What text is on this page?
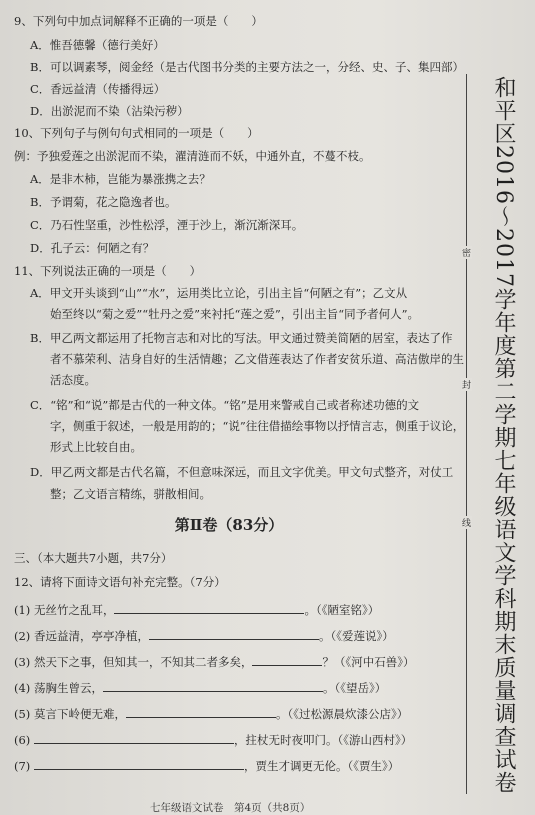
9、下列句中加点词解释不正确的一项是（　　）
A．惟吾德馨（德行美好）
B．可以调素琴，阅金经（是古代图书分类的主要方法之一，分经、史、子、集四部）
C．香远益清（传播得远）
D．出淤泥而不染（沾染污秽）
10、下列句子与例句句式相同的一项是（　　）
例：予独爱莲之出淤泥而不染，濯清涟而不妖，中通外直，不蔓不枝。
A．是非木柿，岂能为暴涨携之去？
B．予谓菊，花之隐逸者也。
C．乃石性坚重，沙性松浮，湮于沙上，渐沉渐深耳。
D．孔子云：何陋之有？
11、下列说法正确的一项是（　　）
A．甲文开头谈到“山”“水”，运用类比立论，引出主旨“何陋之有”；乙文从
始至终以“菊之爱”“牡丹之爱”来衬托“莲之爱”，引出主旨“同予者何人”。
B．甲乙两文都运用了托物言志和对比的写法。甲文通过赞美简陋的居室，表达了作
者不慕荣利、洁身自好的生活情趣；乙文借莲表达了作者安贫乐道、高洁傲岸的生
活态度。
C．“铭”和“说”都是古代的一种文体。“铭”是用来警戒自己或者称述功德的文
字，侧重于叙述，一般是用韵的；“说”往往借描绘事物以抒情言志，侧重于议论，
形式上比较自由。
D．甲乙两文都是古代名篇，不但意味深远，而且文字优美。甲文句式整齐，对仗工
整；乙文语言精练，骈散相间。
第Ⅱ卷（83分）
三、（本大题共7小题，共7分）
12、请将下面诗文语句补充完整。（7分）
(1) 无丝竹之乱耳，	。（《陋室铭》）
(2) 香远益清，亭亭净植，	。（《爱莲说》）
(3) 然天下之事，但知其一，不知其二者多矣，	？（《河中石兽》）
(4) 荡胸生曾云，	。（《望岳》）
(5) 莫言下岭便无难，	。（《过松源晨炊漆公店》）
(6)	，拄杖无时夜叩门。（《游山西村》）
(7)	，贾生才调更无伦。（《贾生》）
密
封
线 和平区2016～2017学年度第二学期七年级语文学科期末质量调查试卷
七年级语文试卷　第4页（共8页）
